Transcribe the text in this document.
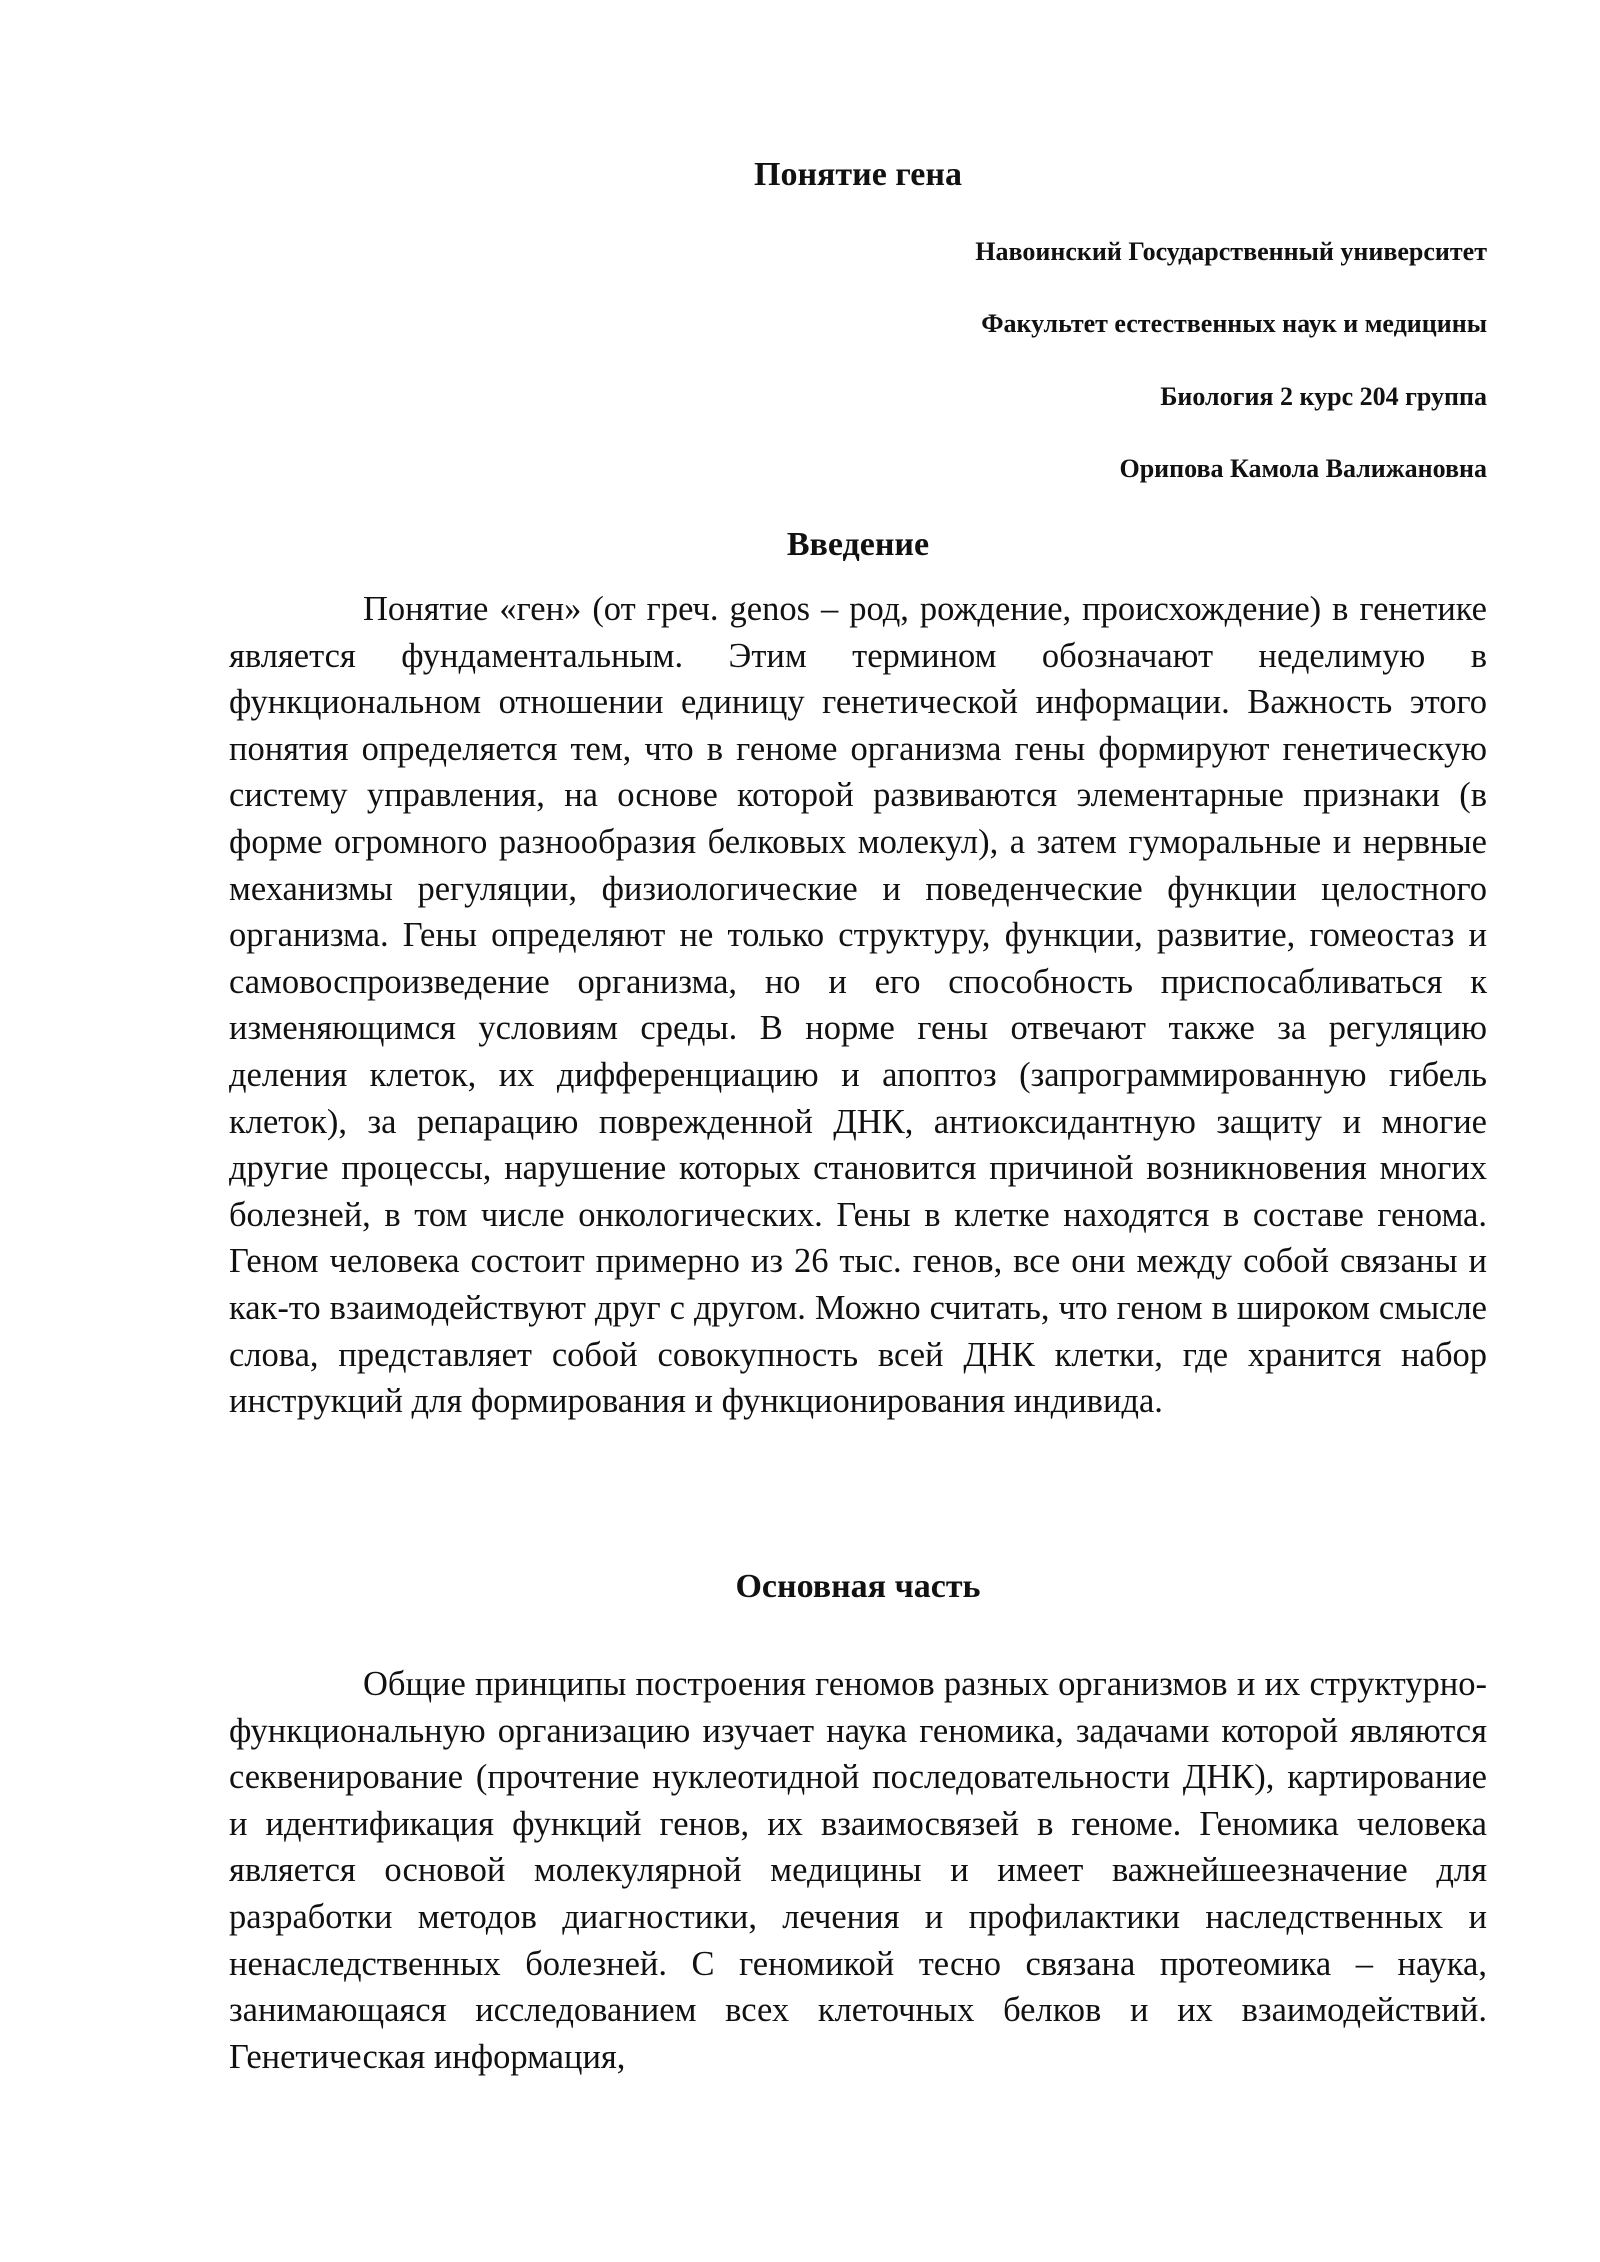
Понятие гена

Навоинский Государственный университет

Факультет естественных наук и медицины

Биология 2 курс 204 группа

Орипова Камола Валижановна

Введение

Понятие «ген» (от греч. genos – род, рождение, происхождение) в генетике является фундаментальным. Этим термином обозначают неделимую в функциональном отношении единицу генетической информации. Важность этого понятия определяется тем, что в геноме организма гены формируют генетическую систему управления, на основе которой развиваются элементарные признаки (в форме огромного разнообразия белковых молекул), а затем гуморальные и нервные механизмы регуляции, физиологические и поведенческие функции целостного организма. Гены определяют не только структуру, функции, развитие, гомеостаз и самовоспроизведение организма, но и его способность приспосабливаться к изменяющимся условиям среды. В норме гены отвечают также за регуляцию деления клеток, их дифференциацию и апоптоз (запрограммированную гибель клеток), за репарацию поврежденной ДНК, антиоксидантную защиту и многие другие процессы, нарушение которых становится причиной возникновения многих болезней, в том числе онкологических. Гены в клетке находятся в составе генома. Геном человека состоит примерно из 26 тыс. генов, все они между собой связаны и как-то взаимодействуют друг с другом. Можно считать, что геном в широком смысле слова, представляет собой совокупность всей ДНК клетки, где хранится набор инструкций для формирования и функционирования индивида.

Основная часть

Общие принципы построения геномов разных организмов и их структурно-функциональную организацию изучает наука геномика, задачами которой являются секвенирование (прочтение нуклеотидной последовательности ДНК), картирование и идентификация функций генов, их взаимосвязей в геноме. Геномика человека является основой молекулярной медицины и имеет важнейшеезначение для разработки методов диагностики, лечения и профилактики наследственных и ненаследственных болезней. С геномикой тесно связана протеомика – наука, занимающаяся исследованием всех клеточных белков и их взаимодействий. Генетическая информация,
